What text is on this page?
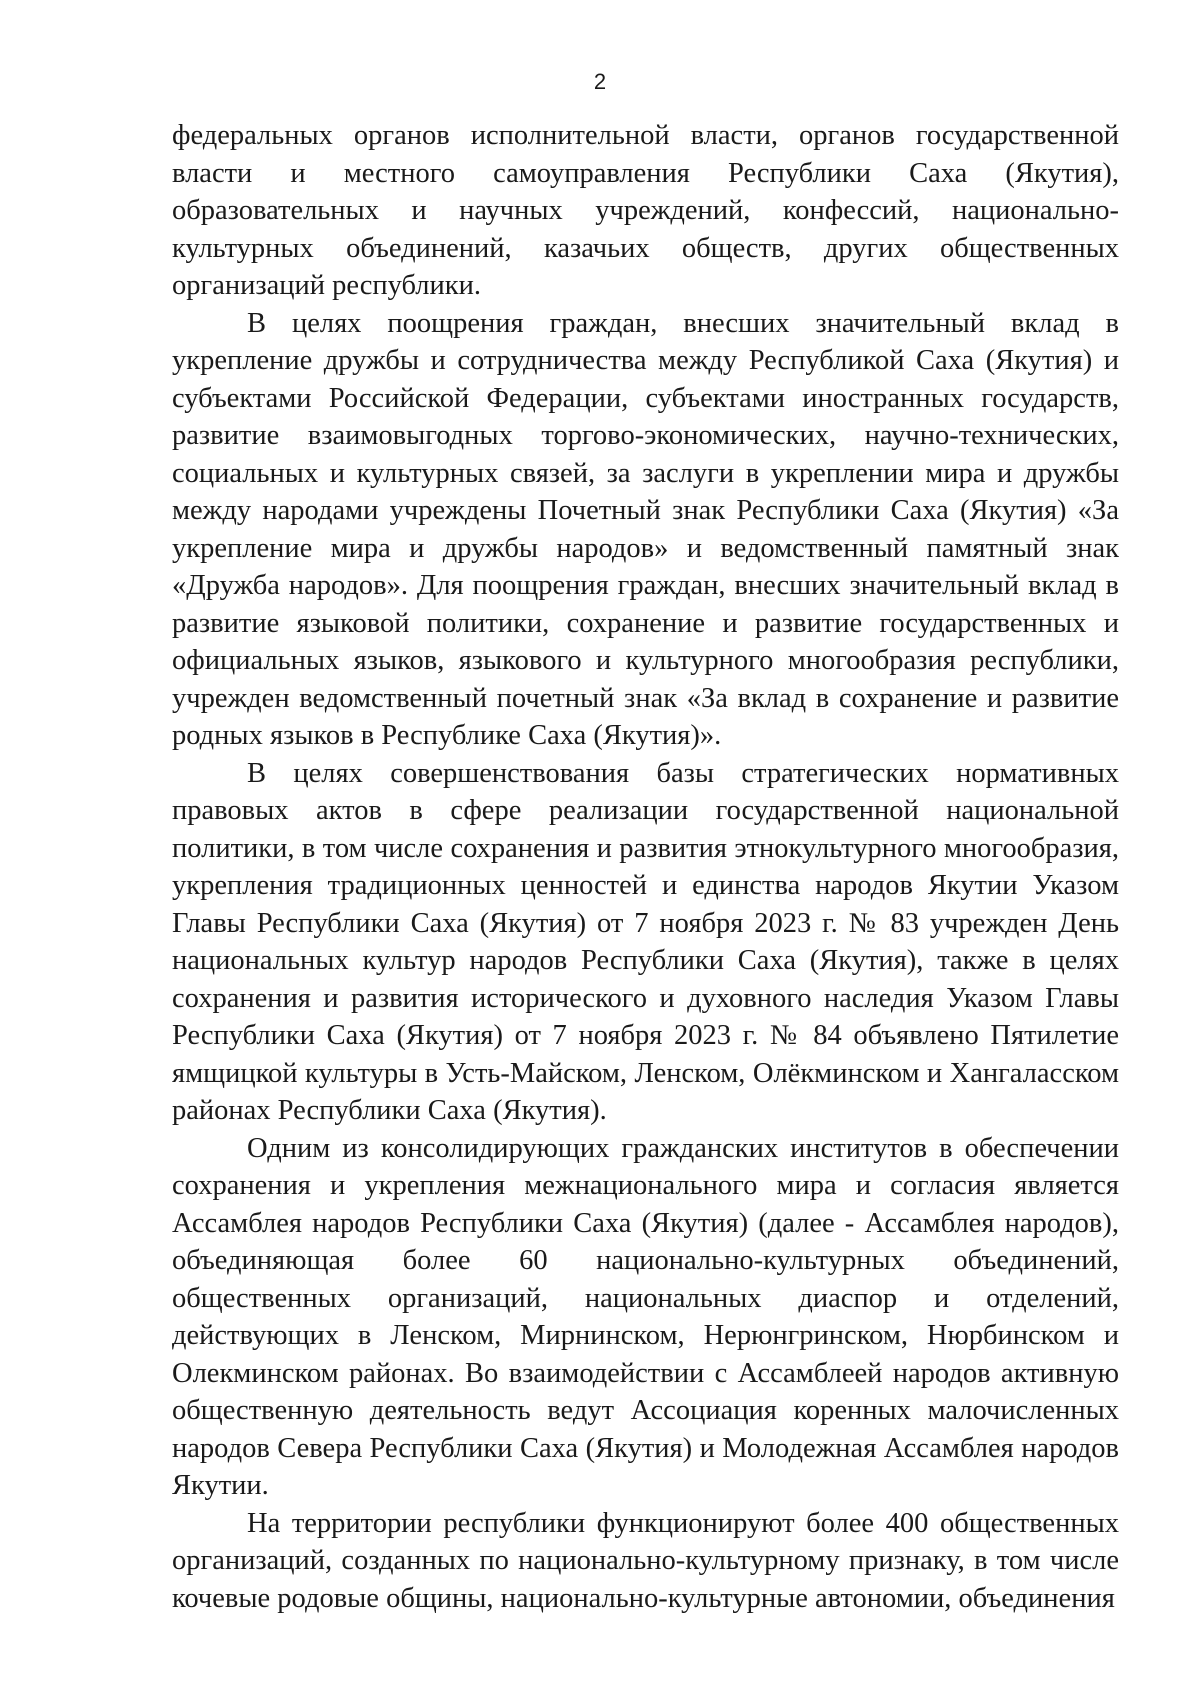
2

федеральных органов исполнительной власти, органов государственной власти и местного самоуправления Республики Саха (Якутия), образовательных и научных учреждений, конфессий, национально-культурных объединений, казачьих обществ, других общественных организаций республики.

В целях поощрения граждан, внесших значительный вклад в укрепление дружбы и сотрудничества между Республикой Саха (Якутия) и субъектами Российской Федерации, субъектами иностранных государств, развитие взаимовыгодных торгово-экономических, научно-технических, социальных и культурных связей, за заслуги в укреплении мира и дружбы между народами учреждены Почетный знак Республики Саха (Якутия) «За укрепление мира и дружбы народов» и ведомственный памятный знак «Дружба народов». Для поощрения граждан, внесших значительный вклад в развитие языковой политики, сохранение и развитие государственных и официальных языков, языкового и культурного многообразия республики, учрежден ведомственный почетный знак «За вклад в сохранение и развитие родных языков в Республике Саха (Якутия)».

В целях совершенствования базы стратегических нормативных правовых актов в сфере реализации государственной национальной политики, в том числе сохранения и развития этнокультурного многообразия, укрепления традиционных ценностей и единства народов Якутии Указом Главы Республики Саха (Якутия) от 7 ноября 2023 г. № 83 учрежден День национальных культур народов Республики Саха (Якутия), также в целях сохранения и развития исторического и духовного наследия Указом Главы Республики Саха (Якутия) от 7 ноября 2023 г. № 84 объявлено Пятилетие ямщицкой культуры в Усть-Майском, Ленском, Олёкминском и Хангаласском районах Республики Саха (Якутия).

Одним из консолидирующих гражданских институтов в обеспечении сохранения и укрепления межнационального мира и согласия является Ассамблея народов Республики Саха (Якутия) (далее - Ассамблея народов), объединяющая более 60 национально-культурных объединений, общественных организаций, национальных диаспор и отделений, действующих в Ленском, Мирнинском, Нерюнгринском, Нюрбинском и Олекминском районах. Во взаимодействии с Ассамблеей народов активную общественную деятельность ведут Ассоциация коренных малочисленных народов Севера Республики Саха (Якутия) и Молодежная Ассамблея народов Якутии.

На территории республики функционируют более 400 общественных организаций, созданных по национально-культурному признаку, в том числе кочевые родовые общины, национально-культурные автономии, объединения
